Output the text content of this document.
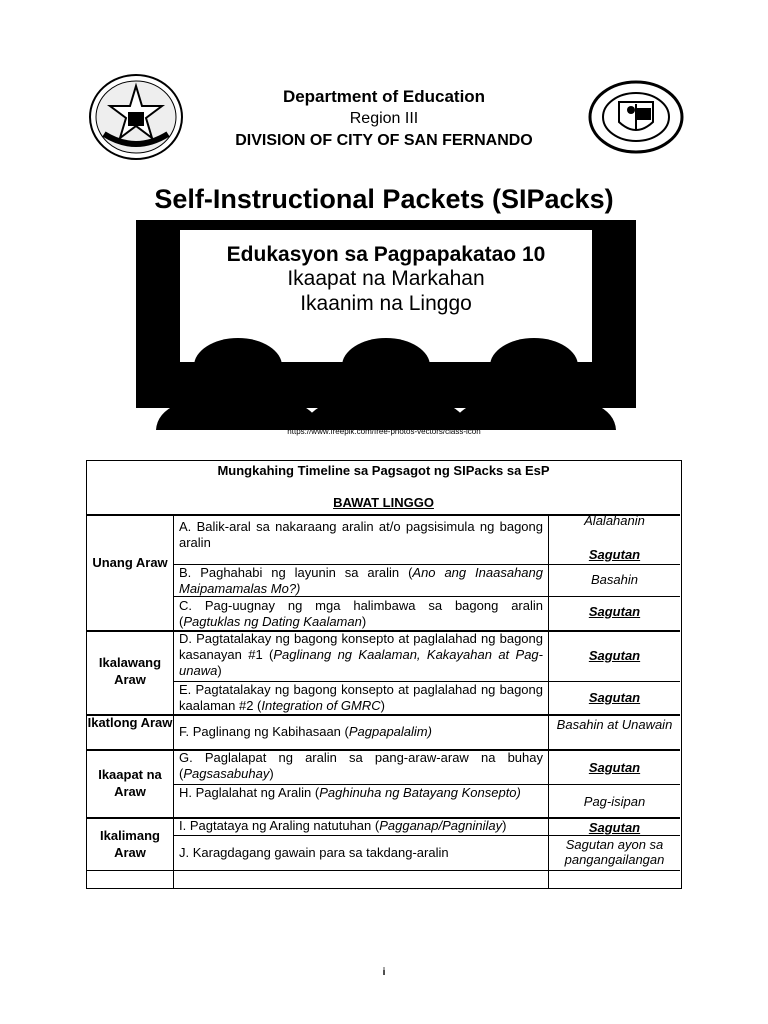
Department of Education
Region III
DIVISION OF CITY OF SAN FERNANDO
Self-Instructional Packets (SIPacks)
Edukasyon sa Pagpapakatao 10
Ikaapat na Markahan
Ikaanim na Linggo
https://www.freepik.com/free-photos-vectors/class-icon
Mungkahing Timeline sa Pagsagot ng SIPacks sa EsP
BAWAT LINGGO
Unang Araw
Ikalawang Araw
Ikatlong Araw
Ikaapat na Araw
Ikalimang Araw
A. Balik-aral sa nakaraang aralin at/o pagsisimula ng bagong aralin
B. Paghahabi ng layunin sa aralin (Ano ang Inaasahang Maipamamalas Mo?)
C. Pag-uugnay ng mga halimbawa sa bagong aralin (Pagtuklas ng Dating Kaalaman)
D. Pagtatalakay ng bagong konsepto at paglalahad ng bagong kasanayan #1 (Paglinang ng Kaalaman, Kakayahan at Pag-unawa)
E. Pagtatalakay ng bagong konsepto at paglalahad ng bagong kaalaman #2 (Integration of GMRC)
F. Paglinang ng Kabihasaan (Pagpapalalim)
G. Paglalapat ng aralin sa pang-araw-araw na buhay (Pagsasabuhay)
H. Paglalahat ng Aralin (Paghinuha ng Batayang Konsepto)
I. Pagtataya ng Araling natutuhan (Pagganap/Pagninilay)
J. Karagdagang gawain para sa takdang-aralin
Alalahanin
Sagutan
Basahin
Sagutan
Sagutan
Sagutan
Basahin at Unawain
Sagutan
Pag-isipan
Sagutan
Sagutan ayon sa pangangailangan
i
